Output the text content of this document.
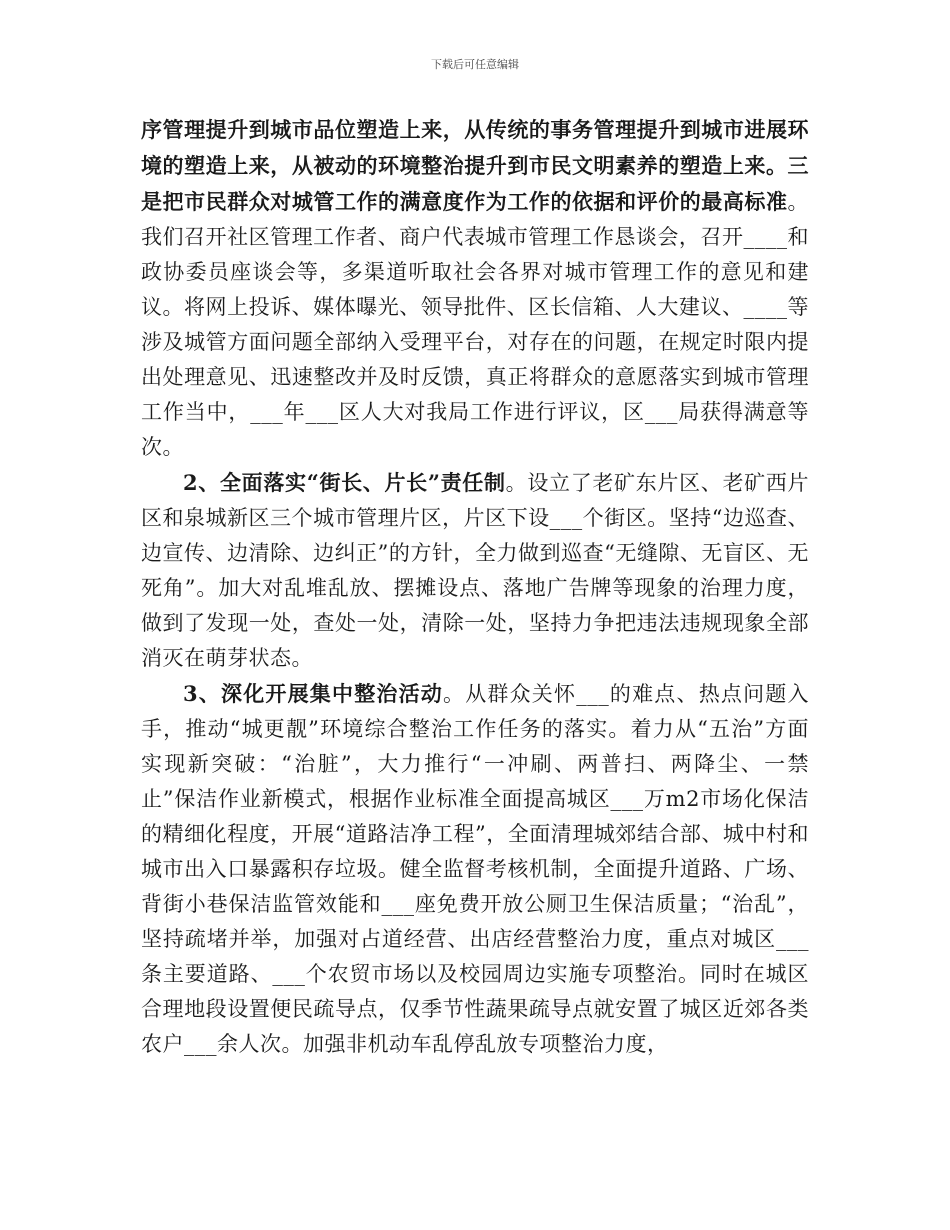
下载后可任意编辑

序管理提升到城市品位塑造上来，从传统的事务管理提升到城市进展环境的塑造上来，从被动的环境整治提升到市民文明素养的塑造上来。三是把市民群众对城管工作的满意度作为工作的依据和评价的最高标准。我们召开社区管理工作者、商户代表城市管理工作恳谈会，召开____和政协委员座谈会等，多渠道听取社会各界对城市管理工作的意见和建议。将网上投诉、媒体曝光、领导批件、区长信箱、人大建议、____等涉及城管方面问题全部纳入受理平台，对存在的问题，在规定时限内提出处理意见、迅速整改并及时反馈，真正将群众的意愿落实到城市管理工作当中，___年___区人大对我局工作进行评议，区___局获得满意等次。

2、全面落实“街长、片长”责任制。设立了老矿东片区、老矿西片区和泉城新区三个城市管理片区，片区下设___个街区。坚持“边巡查、边宣传、边清除、边纠正”的方针，全力做到巡查“无缝隙、无盲区、无死角”。加大对乱堆乱放、摆摊设点、落地广告牌等现象的治理力度，做到了发现一处，查处一处，清除一处，坚持力争把违法违规现象全部消灭在萌芽状态。

3、深化开展集中整治活动。从群众关怀___的难点、热点问题入手，推动“城更靓”环境综合整治工作任务的落实。着力从“五治”方面实现新突破：“治脏”，大力推行“一冲刷、两普扫、两降尘、一禁止”保洁作业新模式，根据作业标准全面提高城区___万m2市场化保洁的精细化程度，开展“道路洁净工程”，全面清理城郊结合部、城中村和城市出入口暴露积存垃圾。健全监督考核机制，全面提升道路、广场、背街小巷保洁监管效能和___座免费开放公厕卫生保洁质量；“治乱”，坚持疏堵并举，加强对占道经营、出店经营整治力度，重点对城区___条主要道路、___个农贸市场以及校园周边实施专项整治。同时在城区合理地段设置便民疏导点，仅季节性蔬果疏导点就安置了城区近郊各类农户___余人次。加强非机动车乱停乱放专项整治力度，
